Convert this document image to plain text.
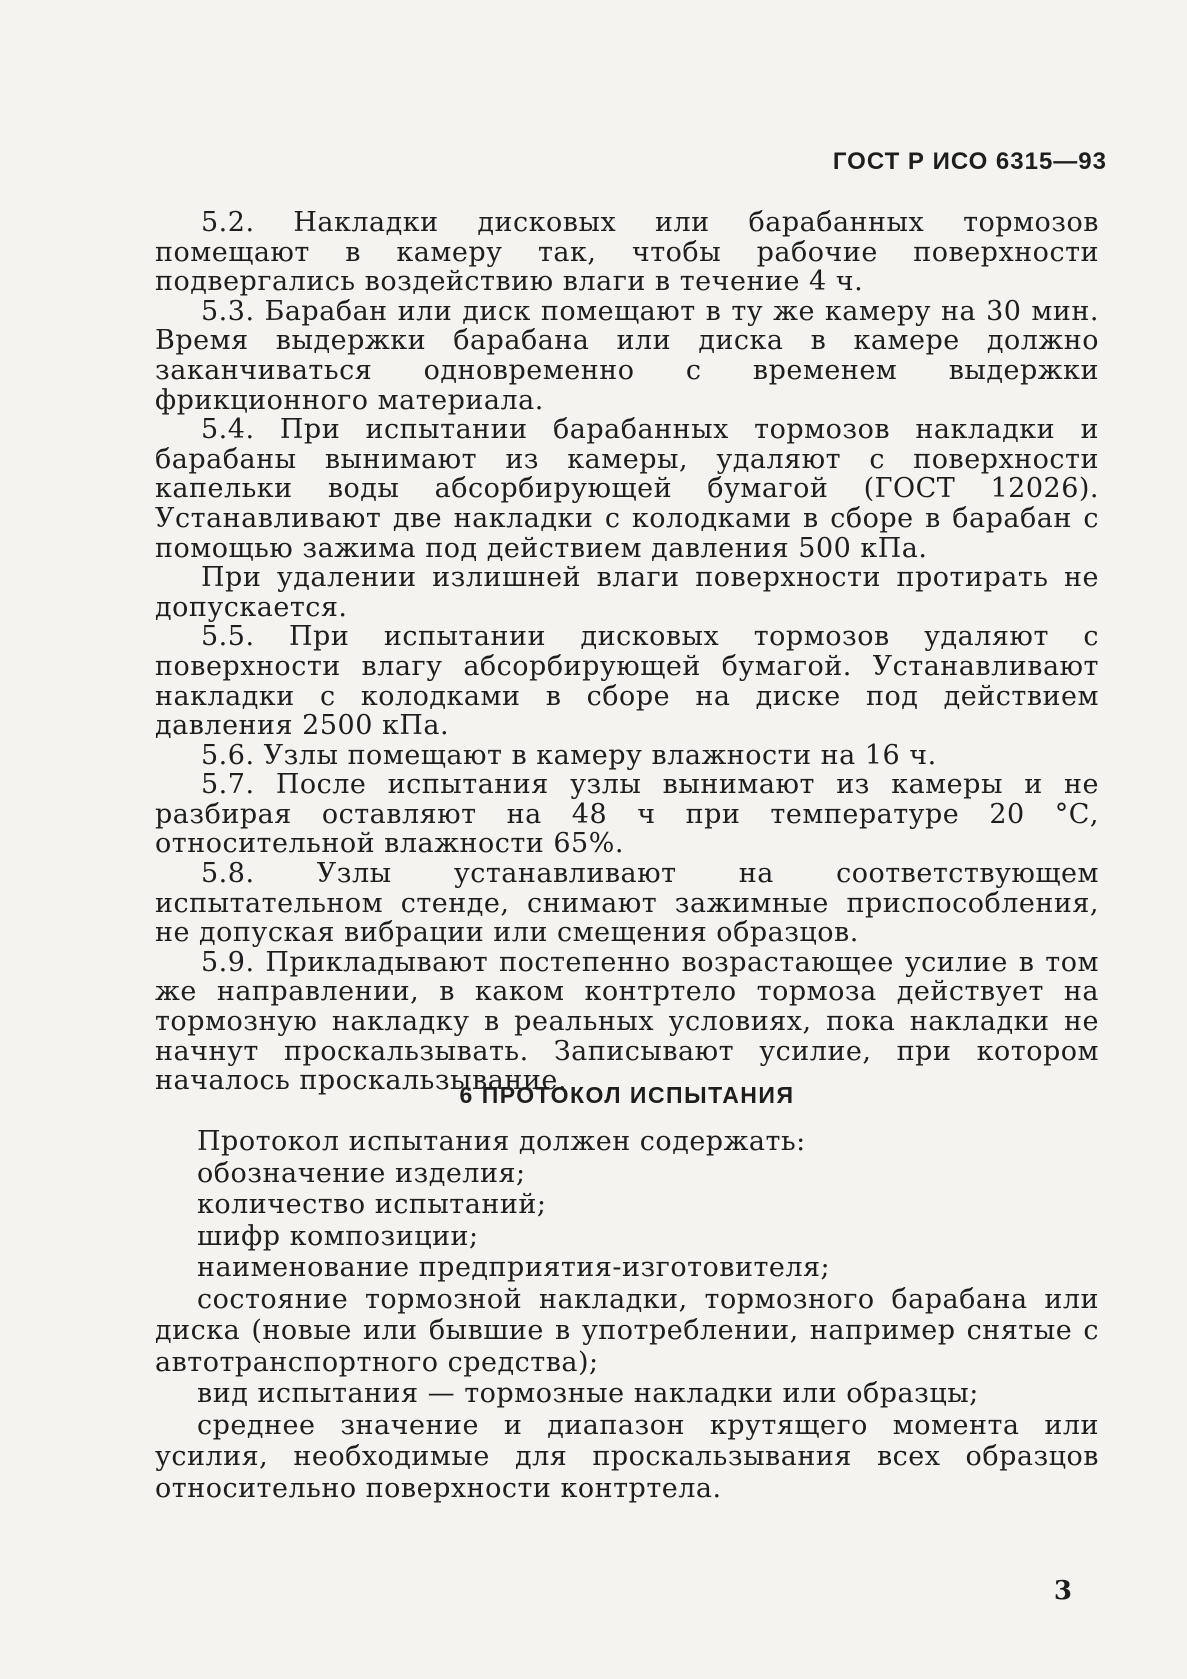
ГОСТ Р ИСО 6315—93

5.2. Накладки дисковых или барабанных тормозов помещают в камеру так, чтобы рабочие поверхности подвергались воздействию влаги в течение 4 ч.

5.3. Барабан или диск помещают в ту же камеру на 30 мин. Время выдержки барабана или диска в камере должно заканчиваться одновременно с временем выдержки фрикционного материала.

5.4. При испытании барабанных тормозов накладки и барабаны вынимают из камеры, удаляют с поверхности капельки воды абсорбирующей бумагой (ГОСТ 12026). Устанавливают две накладки с колодками в сборе в барабан с помощью зажима под действием давления 500 кПа.

При удалении излишней влаги поверхности протирать не допускается.

5.5. При испытании дисковых тормозов удаляют с поверхности влагу абсорбирующей бумагой. Устанавливают накладки с колодками в сборе на диске под действием давления 2500 кПа.

5.6. Узлы помещают в камеру влажности на 16 ч.

5.7. После испытания узлы вынимают из камеры и не разбирая оставляют на 48 ч при температуре 20 °С, относительной влажности 65%.

5.8. Узлы устанавливают на соответствующем испытательном стенде, снимают зажимные приспособления, не допуская вибрации или смещения образцов.

5.9. Прикладывают постепенно возрастающее усилие в том же направлении, в каком контртело тормоза действует на тормозную накладку в реальных условиях, пока накладки не начнут проскальзывать. Записывают усилие, при котором началось проскальзывание.

6 ПРОТОКОЛ ИСПЫТАНИЯ

Протокол испытания должен содержать:

обозначение изделия;

количество испытаний;

шифр композиции;

наименование предприятия-изготовителя;

состояние тормозной накладки, тормозного барабана или диска (новые или бывшие в употреблении, например снятые с автотранспортного средства);

вид испытания — тормозные накладки или образцы;

среднее значение и диапазон крутящего момента или усилия, необходимые для проскальзывания всех образцов относительно поверхности контртела.

3
